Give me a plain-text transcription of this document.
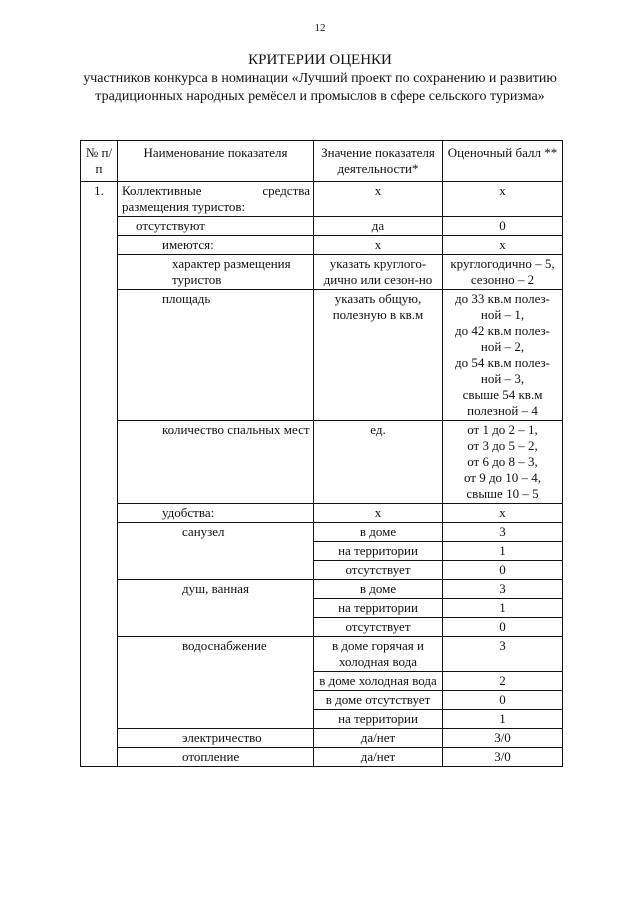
12
КРИТЕРИИ ОЦЕНКИ
участников конкурса в номинации «Лучший проект по сохранению и развитию традиционных народных ремёсел и промыслов в сфере сельского туризма»
№ п/п	Наименование показателя	Значение показателя деятельности*	Оценочный балл **
1.	Коллективные средства размещения туристов:	х	х
	отсутствуют	да	0
	имеются:	х	х
	характер размещения туристов	указать круглого-дично или сезон-но	круглогодично – 5, сезонно – 2
	площадь	указать общую, полезную в кв.м	до 33 кв.м полез-ной – 1,
до 42 кв.м полез-ной – 2,
до 54 кв.м полез-ной – 3,
свыше 54 кв.м полезной – 4

	количество спальных мест	ед.	от 1 до 2 – 1,
от 3 до 5 – 2,
от 6 до 8 – 3,
от 9 до 10 – 4,
свыше 10 – 5

	удобства:	х	х
	санузел	в доме	3
		на территории	1
		отсутствует	0
	душ, ванная	в доме	3
		на территории	1
		отсутствует	0
	водоснабжение	в доме горячая и холодная вода	3
		в доме холодная вода	2
		в доме отсутствует	0
		на территории	1
	электричество	да/нет	3/0
	отопление	да/нет	3/0
